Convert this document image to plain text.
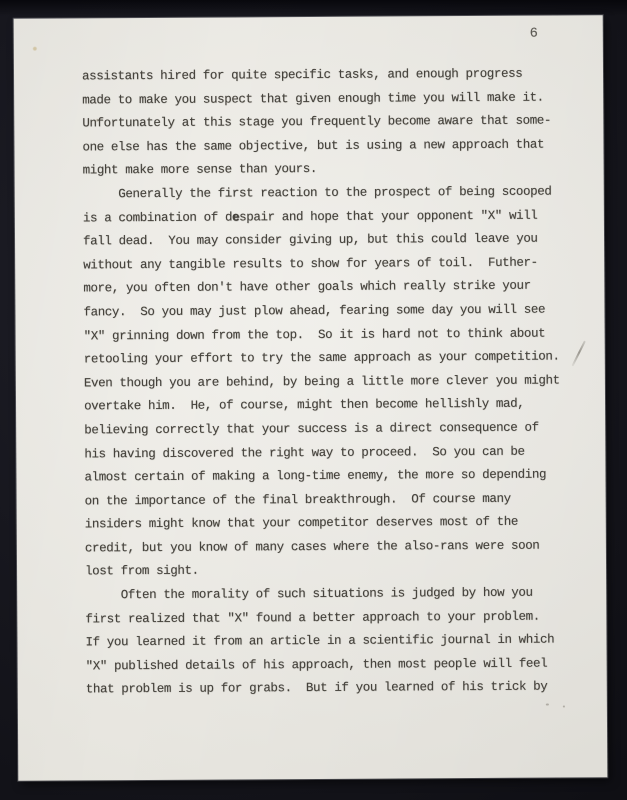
6
assistants hired for quite specific tasks, and enough progress
made to make you suspect that given enough time you will make it.
Unfortunately at this stage you frequently become aware that some-
one else has the same objective, but is using a new approach that
might make more sense than yours.
Generally the first reaction to the prospect of being scooped
is a combination of despair and hope that your opponent "X" will
fall dead.  You may consider giving up, but this could leave you
without any tangible results to show for years of toil.  Futher-
more, you often don't have other goals which really strike your
fancy.  So you may just plow ahead, fearing some day you will see
"X" grinning down from the top.  So it is hard not to think about
retooling your effort to try the same approach as your competition.
Even though you are behind, by being a little more clever you might
overtake him.  He, of course, might then become hellishly mad,
believing correctly that your success is a direct consequence of
his having discovered the right way to proceed.  So you can be
almost certain of making a long-time enemy, the more so depending
on the importance of the final breakthrough.  Of course many
insiders might know that your competitor deserves most of the
credit, but you know of many cases where the also-rans were soon
lost from sight.
Often the morality of such situations is judged by how you
first realized that "X" found a better approach to your problem.
If you learned it from an article in a scientific journal in which
"X" published details of his approach, then most people will feel
that problem is up for grabs.  But if you learned of his trick by
